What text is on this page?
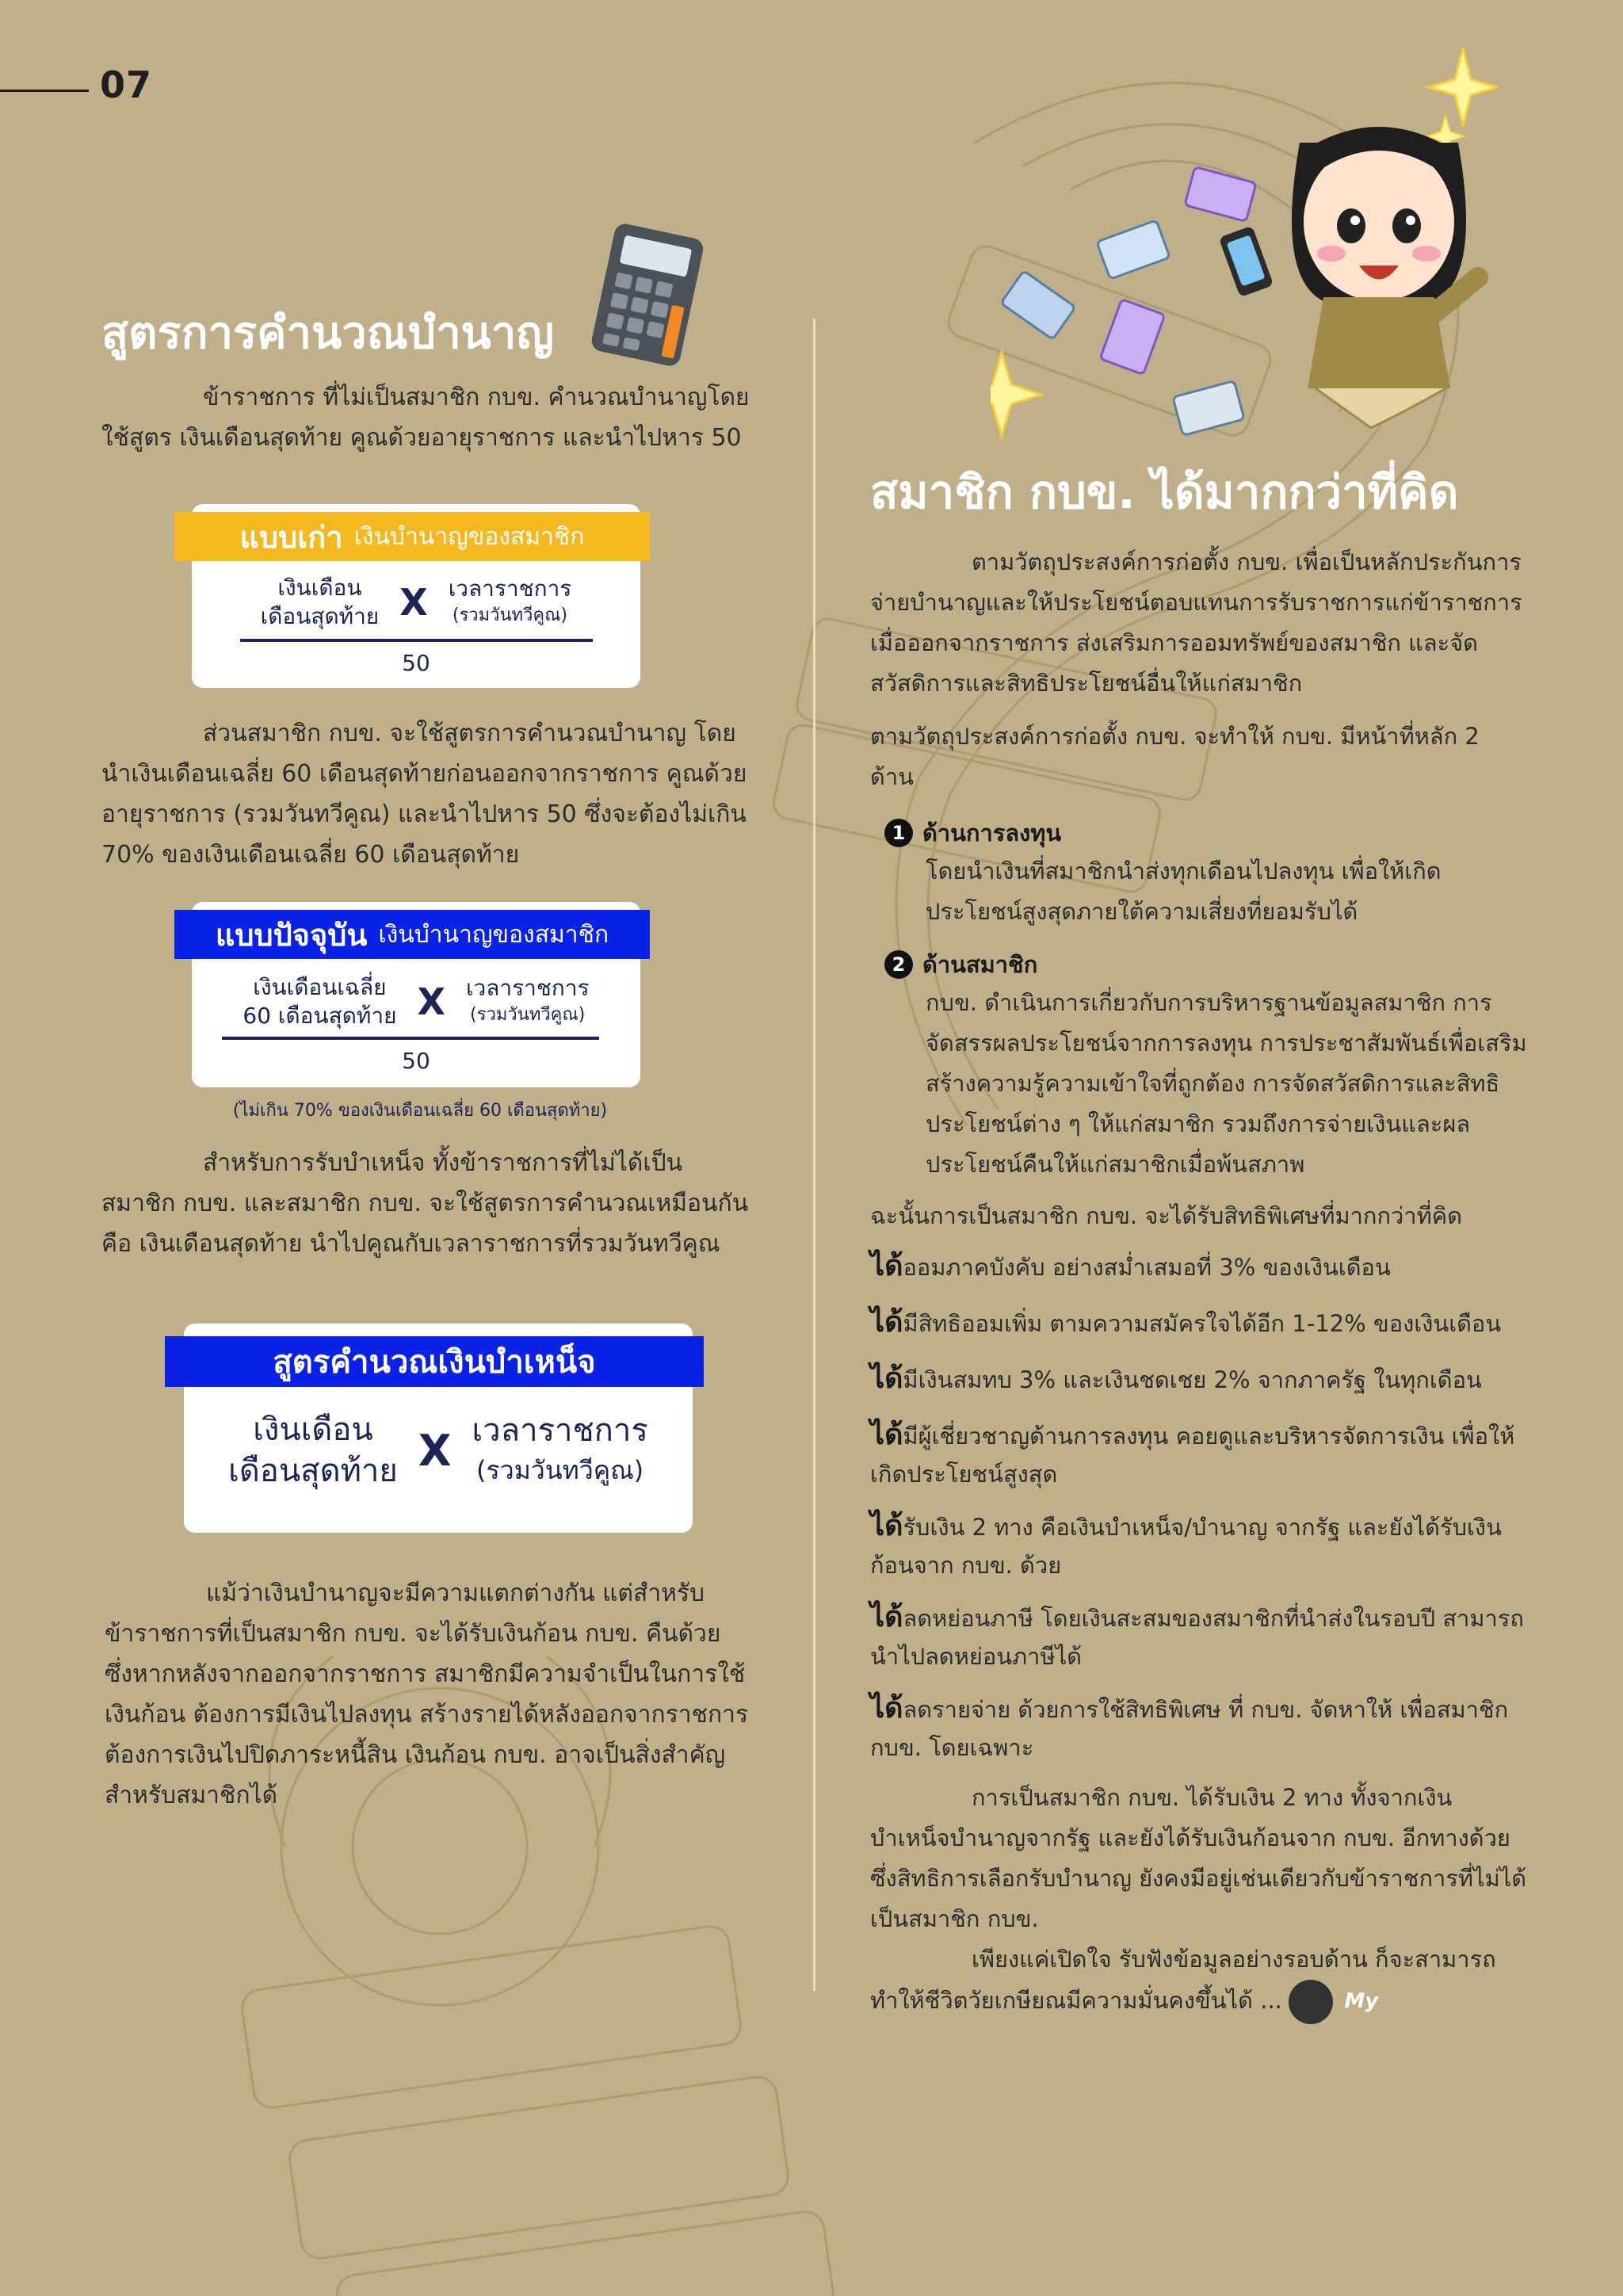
07
สูตรการคำนวณบำนาญ

ข้าราชการ ที่ไม่เป็นสมาชิก กบข. คำนวณบำนาญโดยใช้สูตร เงินเดือนสุดท้าย คูณด้วยอายุราชการ และนำไปหาร 50

แบบเก่า เงินบำนาญของสมาชิก
เงินเดือน
เดือนสุดท้าย X เวลาราชการ
(รวมวันทวีคูณ)
50

ส่วนสมาชิก กบข. จะใช้สูตรการคำนวณบำนาญ โดยนำเงินเดือนเฉลี่ย 60 เดือนสุดท้ายก่อนออกจากราชการ คูณด้วยอายุราชการ (รวมวันทวีคูณ) และนำไปหาร 50 ซึ่งจะต้องไม่เกิน 70% ของเงินเดือนเฉลี่ย 60 เดือนสุดท้าย

แบบปัจจุบัน เงินบำนาญของสมาชิก
เงินเดือนเฉลี่ย
60 เดือนสุดท้าย X เวลาราชการ
(รวมวันทวีคูณ)
50
(ไม่เกิน 70% ของเงินเดือนเฉลี่ย 60 เดือนสุดท้าย)

สำหรับการรับบำเหน็จ ทั้งข้าราชการที่ไม่ได้เป็นสมาชิก กบข. และสมาชิก กบข. จะใช้สูตรการคำนวณเหมือนกัน คือ เงินเดือนสุดท้าย นำไปคูณกับเวลาราชการที่รวมวันทวีคูณ

สูตรคำนวณเงินบำเหน็จ
เงินเดือน
เดือนสุดท้าย X เวลาราชการ
(รวมวันทวีคูณ)

แม้ว่าเงินบำนาญจะมีความแตกต่างกัน แต่สำหรับข้าราชการที่เป็นสมาชิก กบข. จะได้รับเงินก้อน กบข. คืนด้วย ซึ่งหากหลังจากออกจากราชการ สมาชิกมีความจำเป็นในการใช้เงินก้อน ต้องการมีเงินไปลงทุน สร้างรายได้หลังออกจากราชการ ต้องการเงินไปปิดภาระหนี้สิน เงินก้อน กบข. อาจเป็นสิ่งสำคัญสำหรับสมาชิกได้

สมาชิก กบข. ได้มากกว่าที่คิด

ตามวัตถุประสงค์การก่อตั้ง กบข. เพื่อเป็นหลักประกันการจ่ายบำนาญและให้ประโยชน์ตอบแทนการรับราชการแก่ข้าราชการเมื่อออกจากราชการ ส่งเสริมการออมทรัพย์ของสมาชิก และจัดสวัสดิการและสิทธิประโยชน์อื่นให้แก่สมาชิก

ตามวัตถุประสงค์การก่อตั้ง กบข. จะทำให้ กบข. มีหน้าที่หลัก 2 ด้าน

1 ด้านการลงทุน

โดยนำเงินที่สมาชิกนำส่งทุกเดือนไปลงทุน เพื่อให้เกิดประโยชน์สูงสุดภายใต้ความเสี่ยงที่ยอมรับได้

2 ด้านสมาชิก

กบข. ดำเนินการเกี่ยวกับการบริหารฐานข้อมูลสมาชิก การจัดสรรผลประโยชน์จากการลงทุน การประชาสัมพันธ์เพื่อเสริมสร้างความรู้ความเข้าใจที่ถูกต้อง การจัดสวัสดิการและสิทธิประโยชน์ต่าง ๆ ให้แก่สมาชิก รวมถึงการจ่ายเงินและผลประโยชน์คืนให้แก่สมาชิกเมื่อพ้นสภาพ

ฉะนั้นการเป็นสมาชิก กบข. จะได้รับสิทธิพิเศษที่มากกว่าที่คิด

ได้ออมภาคบังคับ อย่างสม่ำเสมอที่ 3% ของเงินเดือน

ได้มีสิทธิออมเพิ่ม ตามความสมัครใจได้อีก 1-12% ของเงินเดือน

ได้มีเงินสมทบ 3% และเงินชดเชย 2% จากภาครัฐ ในทุกเดือน

ได้มีผู้เชี่ยวชาญด้านการลงทุน คอยดูและบริหารจัดการเงิน เพื่อให้เกิดประโยชน์สูงสุด

ได้รับเงิน 2 ทาง คือเงินบำเหน็จ/บำนาญ จากรัฐ และยังได้รับเงินก้อนจาก กบข. ด้วย

ได้ลดหย่อนภาษี โดยเงินสะสมของสมาชิกที่นำส่งในรอบปี สามารถนำไปลดหย่อนภาษีได้

ได้ลดรายจ่าย ด้วยการใช้สิทธิพิเศษ ที่ กบข. จัดหาให้ เพื่อสมาชิก กบข. โดยเฉพาะ

การเป็นสมาชิก กบข. ได้รับเงิน 2 ทาง ทั้งจากเงินบำเหน็จบำนาญจากรัฐ และยังได้รับเงินก้อนจาก กบข. อีกทางด้วย ซึ่งสิทธิการเลือกรับบำนาญ ยังคงมีอยู่เช่นเดียวกับข้าราชการที่ไม่ได้เป็นสมาชิก กบข.

เพียงแค่เปิดใจ รับฟังข้อมูลอย่างรอบด้าน ก็จะสามารถทำให้ชีวิตวัยเกษียณมีความมั่นคงขึ้นได้ ...	My
